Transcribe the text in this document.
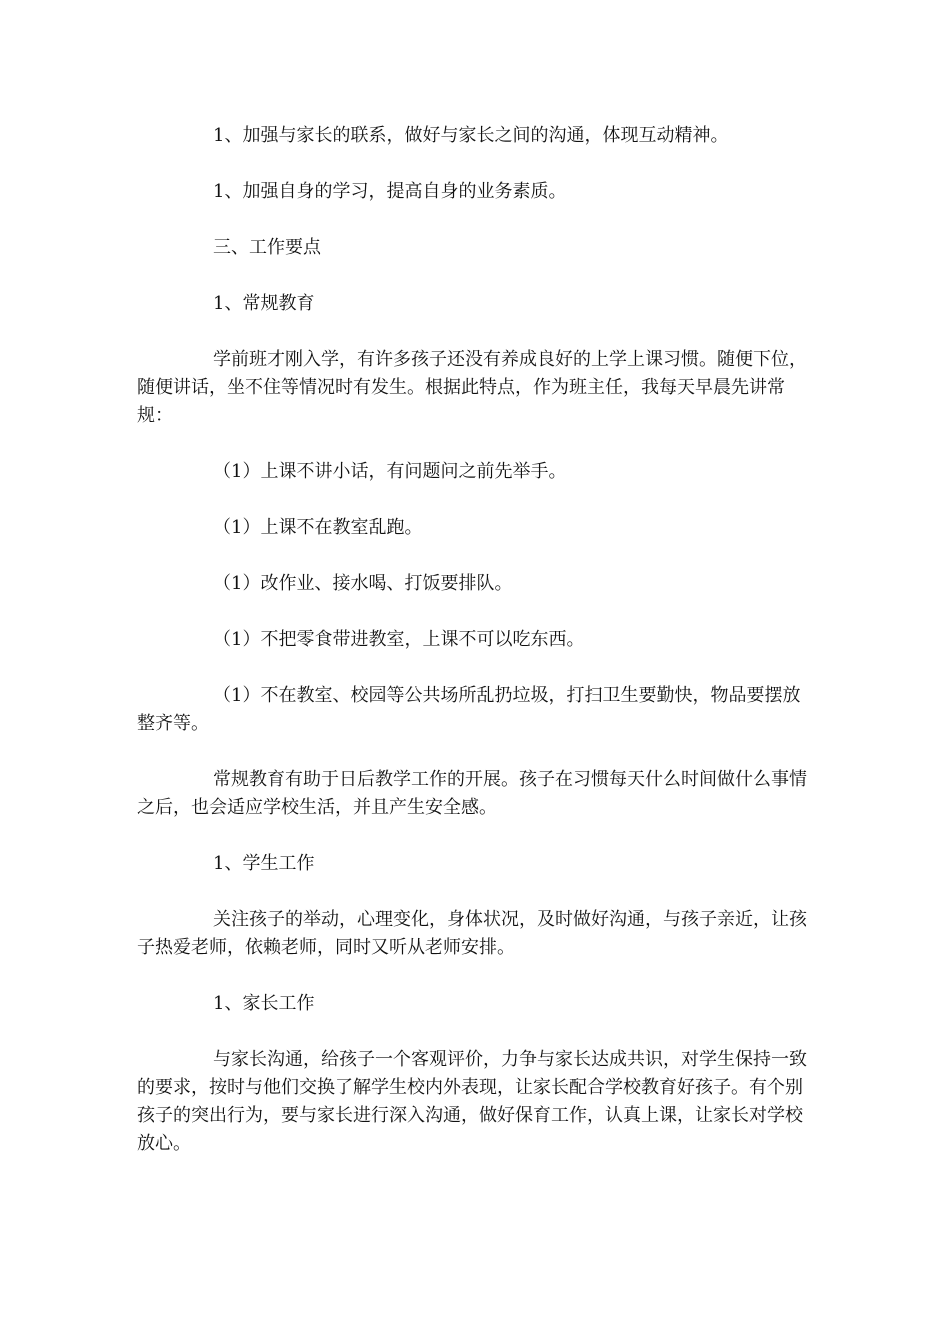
1、加强与家长的联系，做好与家长之间的沟通，体现互动精神。

1、加强自身的学习，提高自身的业务素质。

三、工作要点

1、常规教育

学前班才刚入学，有许多孩子还没有养成良好的上学上课习惯。随便下位，随便讲话，坐不住等情况时有发生。根据此特点，作为班主任，我每天早晨先讲常规：

（1）上课不讲小话，有问题问之前先举手。

（1）上课不在教室乱跑。

（1）改作业、接水喝、打饭要排队。

（1）不把零食带进教室，上课不可以吃东西。

（1）不在教室、校园等公共场所乱扔垃圾，打扫卫生要勤快，物品要摆放整齐等。

常规教育有助于日后教学工作的开展。孩子在习惯每天什么时间做什么事情之后，也会适应学校生活，并且产生安全感。

1、学生工作

关注孩子的举动，心理变化，身体状况，及时做好沟通，与孩子亲近，让孩子热爱老师，依赖老师，同时又听从老师安排。

1、家长工作

与家长沟通，给孩子一个客观评价，力争与家长达成共识，对学生保持一致的要求，按时与他们交换了解学生校内外表现，让家长配合学校教育好孩子。有个别孩子的突出行为，要与家长进行深入沟通，做好保育工作，认真上课，让家长对学校放心。
